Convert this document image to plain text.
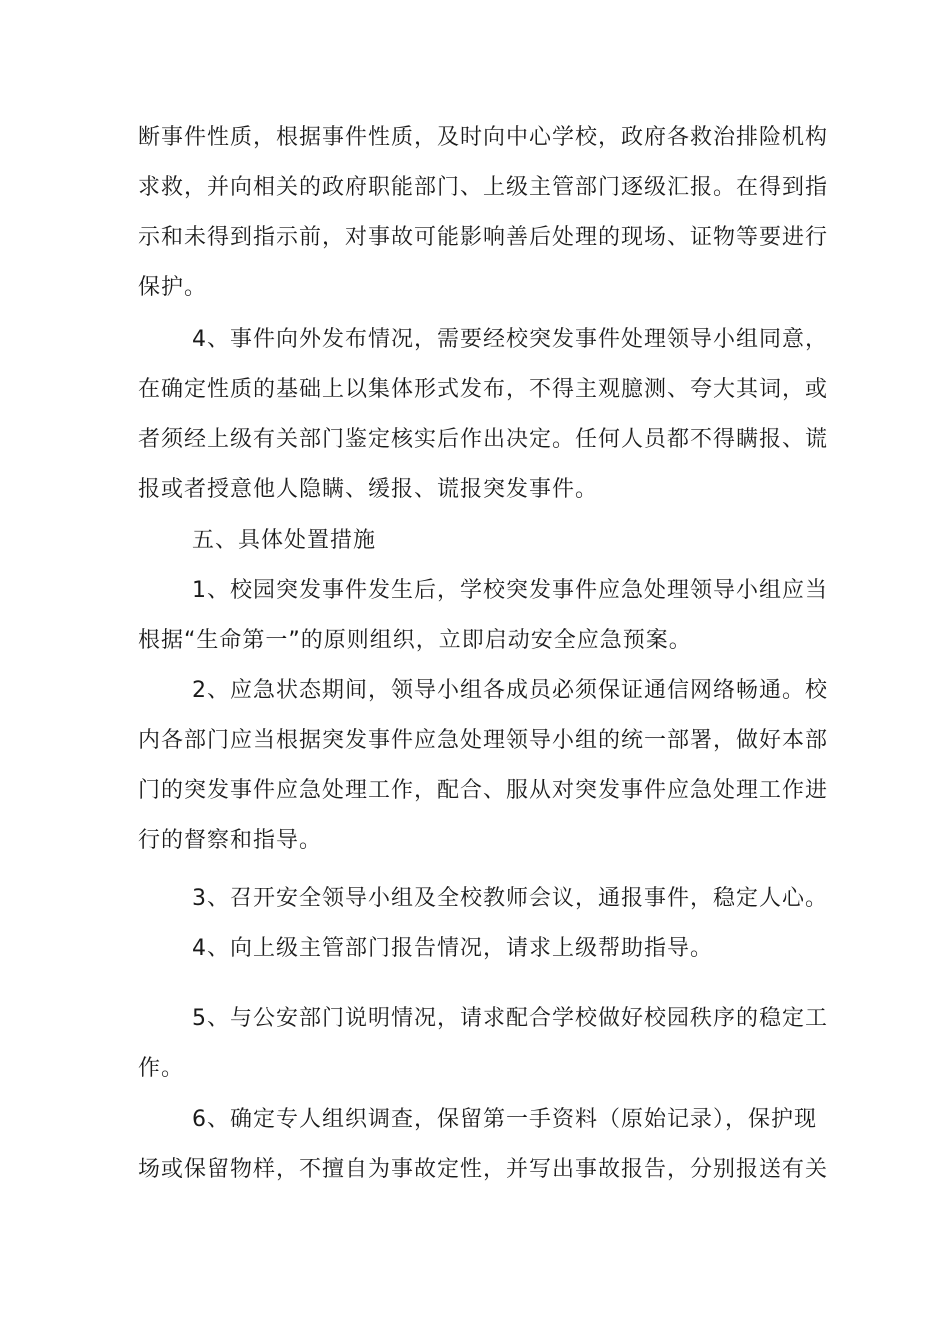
断事件性质，根据事件性质，及时向中心学校，政府各救治排险机构

求救，并向相关的政府职能部门、上级主管部门逐级汇报。在得到指

示和未得到指示前，对事故可能影响善后处理的现场、证物等要进行

保护。

4、事件向外发布情况，需要经校突发事件处理领导小组同意，

在确定性质的基础上以集体形式发布，不得主观臆测、夸大其词，或

者须经上级有关部门鉴定核实后作出决定。任何人员都不得瞒报、谎

报或者授意他人隐瞒、缓报、谎报突发事件。

五、具体处置措施

1、校园突发事件发生后，学校突发事件应急处理领导小组应当

根据“生命第一”的原则组织，立即启动安全应急预案。

2、应急状态期间，领导小组各成员必须保证通信网络畅通。校

内各部门应当根据突发事件应急处理领导小组的统一部署，做好本部

门的突发事件应急处理工作，配合、服从对突发事件应急处理工作进

行的督察和指导。

3、召开安全领导小组及全校教师会议，通报事件，稳定人心。

4、向上级主管部门报告情况，请求上级帮助指导。

5、与公安部门说明情况，请求配合学校做好校园秩序的稳定工

作。

6、确定专人组织调查，保留第一手资料（原始记录），保护现

场或保留物样，不擅自为事故定性，并写出事故报告，分别报送有关
